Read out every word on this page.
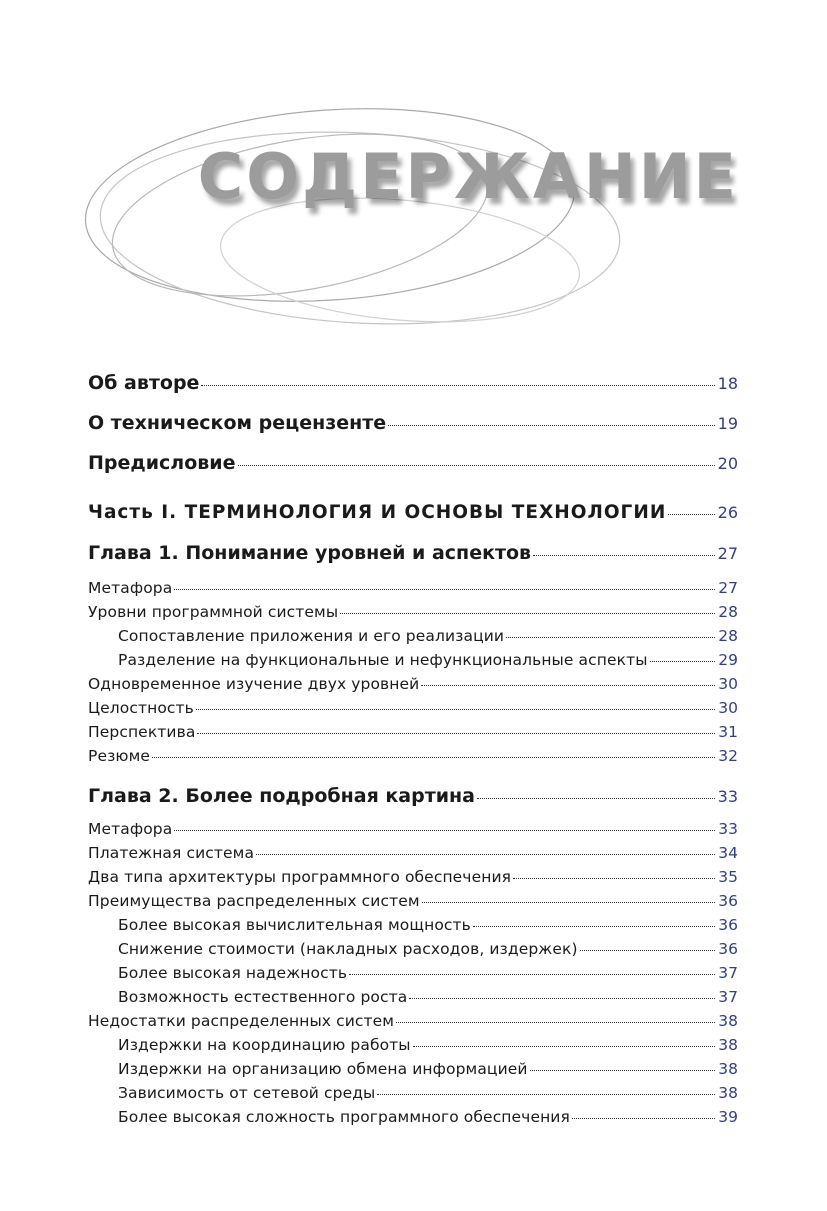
СОДЕРЖАНИЕ
Об авторе	18
О техническом рецензенте	19
Предисловие	20
Часть I. ТЕРМИНОЛОГИЯ И ОСНОВЫ ТЕХНОЛОГИИ	26
Глава 1. Понимание уровней и аспектов	27
Метафора	27
Уровни программной системы	28
Сопоставление приложения и его реализации	28
Разделение на функциональные и нефункциональные аспекты	29
Одновременное изучение двух уровней	30
Целостность	30
Перспектива	31
Резюме	32
Глава 2. Более подробная картина	33
Метафора	33
Платежная система	34
Два типа архитектуры программного обеспечения	35
Преимущества распределенных систем	36
Более высокая вычислительная мощность	36
Снижение стоимости (накладных расходов, издержек)	36
Более высокая надежность	37
Возможность естественного роста	37
Недостатки распределенных систем	38
Издержки на координацию работы	38
Издержки на организацию обмена информацией	38
Зависимость от сетевой среды	38
Более высокая сложность программного обеспечения	39
